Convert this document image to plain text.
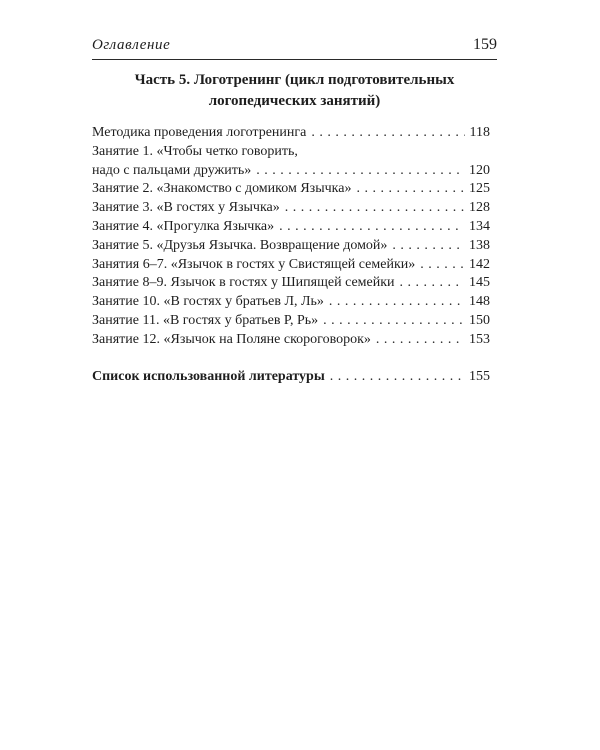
Оглавление	159
Часть 5. Логотренинг (цикл подготовительных
логопедических занятий)
Методика проведения логотренинга . . .	118
Занятие 1. «Чтобы четко говорить,
надо с пальцами дружить» . . .	120
Занятие 2. «Знакомство с домиком Язычка» . . .	125
Занятие 3. «В гостях у Язычка» . . .	128
Занятие 4. «Прогулка Язычка» . . .	134
Занятие 5. «Друзья Язычка. Возвращение домой» . . .	138
Занятия 6–7. «Язычок в гостях у Свистящей семейки» . . .	142
Занятие 8–9. Язычок в гостях у Шипящей семейки . . .	145
Занятие 10. «В гостях у братьев Л, Ль» . . .	148
Занятие 11. «В гостях у братьев Р, Рь» . . .	150
Занятие 12. «Язычок на Поляне скороговорок» . . .	153
Список использованной литературы . . .	155
